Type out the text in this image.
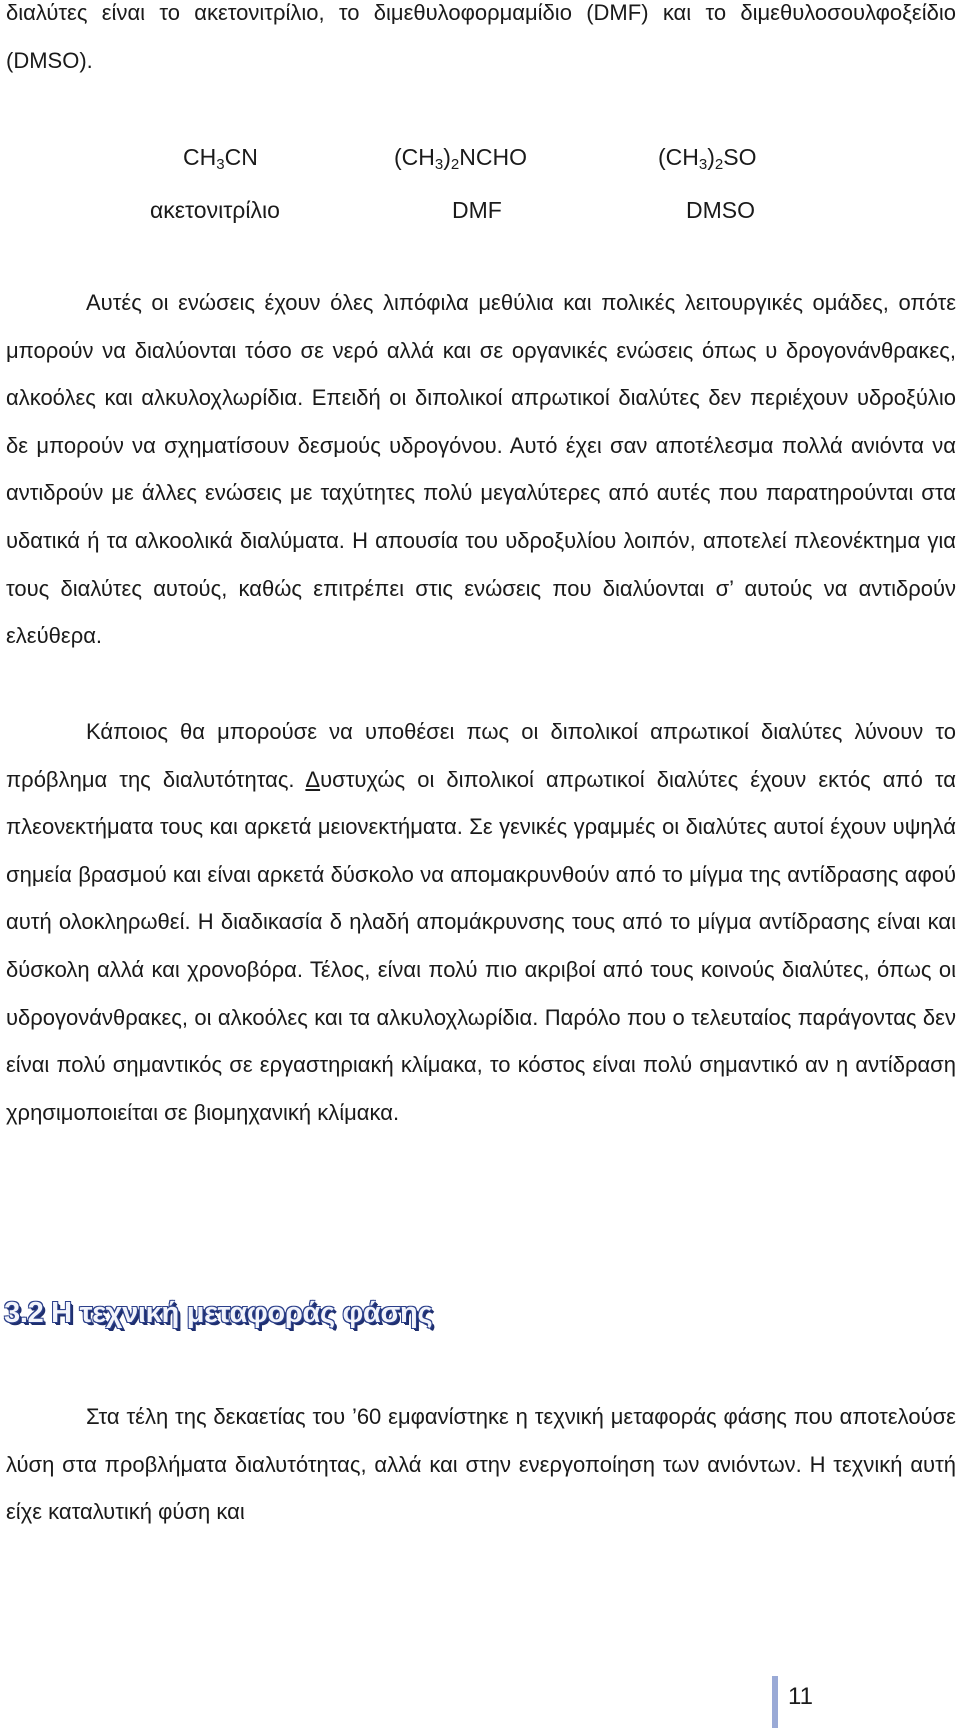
διαλύτες είναι το ακετονιτρίλιο, το διμεθυλοφορμαμίδιο (DMF) και το διμεθυλοσουλφοξείδιο (DMSO).

$CH_3CN$	$(CH_3)_2NCHO$	$(CH_3)_2SO$
ακετονιτρίλιο	DMF	DMSO

Αυτές οι ενώσεις έχουν όλες λιπόφιλα μεθύλια και πολικές λειτουργικές ομάδες, οπότε μπορούν να διαλύονται τόσο σε νερό αλλά και σε οργανικές ενώσεις όπως υ δρογονάνθρακες, αλκοόλες και αλκυλοχλωρίδια. Επειδή οι διπολικοί απρωτικοί διαλύτες δεν περιέχουν υδροξύλιο δε μπορούν να σχηματίσουν δεσμούς υδρογόνου. Αυτό έχει σαν αποτέλεσμα πολλά ανιόντα να αντιδρούν με άλλες ενώσεις με ταχύτητες πολύ μεγαλύτερες από αυτές που παρατηρούνται στα υδατικά ή τα αλκοολικά διαλύματα. Η απουσία του υδροξυλίου λοιπόν, αποτελεί πλεονέκτημα για τους διαλύτες αυτούς, καθώς επιτρέπει στις ενώσεις που διαλύονται σ’ αυτούς να αντιδρούν ελεύθερα.

Κάποιος θα μπορούσε να υποθέσει πως οι διπολικοί απρωτικοί διαλύτες λύνουν το πρόβλημα της διαλυτότητας. Δυστυχώς οι διπολικοί απρωτικοί διαλύτες έχουν εκτός από τα πλεονεκτήματα τους και αρκετά μειονεκτήματα. Σε γενικές γραμμές οι διαλύτες αυτοί έχουν υψηλά σημεία βρασμού και είναι αρκετά δύσκολο να απομακρυνθούν από το μίγμα της αντίδρασης αφού αυτή ολοκληρωθεί. Η διαδικασία δ ηλαδή απομάκρυνσης τους από το μίγμα αντίδρασης είναι και δύσκολη αλλά και χρονοβόρα. Τέλος, είναι πολύ πιο ακριβοί από τους κοινούς διαλύτες, όπως οι υδρογονάνθρακες, οι αλκοόλες και τα αλκυλοχλωρίδια. Παρόλο που ο τελευταίος παράγοντας δεν είναι πολύ σημαντικός σε εργαστηριακή κλίμακα, το κόστος είναι πολύ σημαντικό αν η αντίδραση χρησιμοποιείται σε βιομηχανική κλίμακα.

3.2 Η τεχνική μεταφοράς φάσης

Στα τέλη της δεκαετίας του ’60 εμφανίστηκε η τεχνική μεταφοράς φάσης που αποτελούσε λύση στα προβλήματα διαλυτότητας, αλλά και στην ενεργοποίηση των ανιόντων. Η τεχνική αυτή είχε καταλυτική φύση και

11
